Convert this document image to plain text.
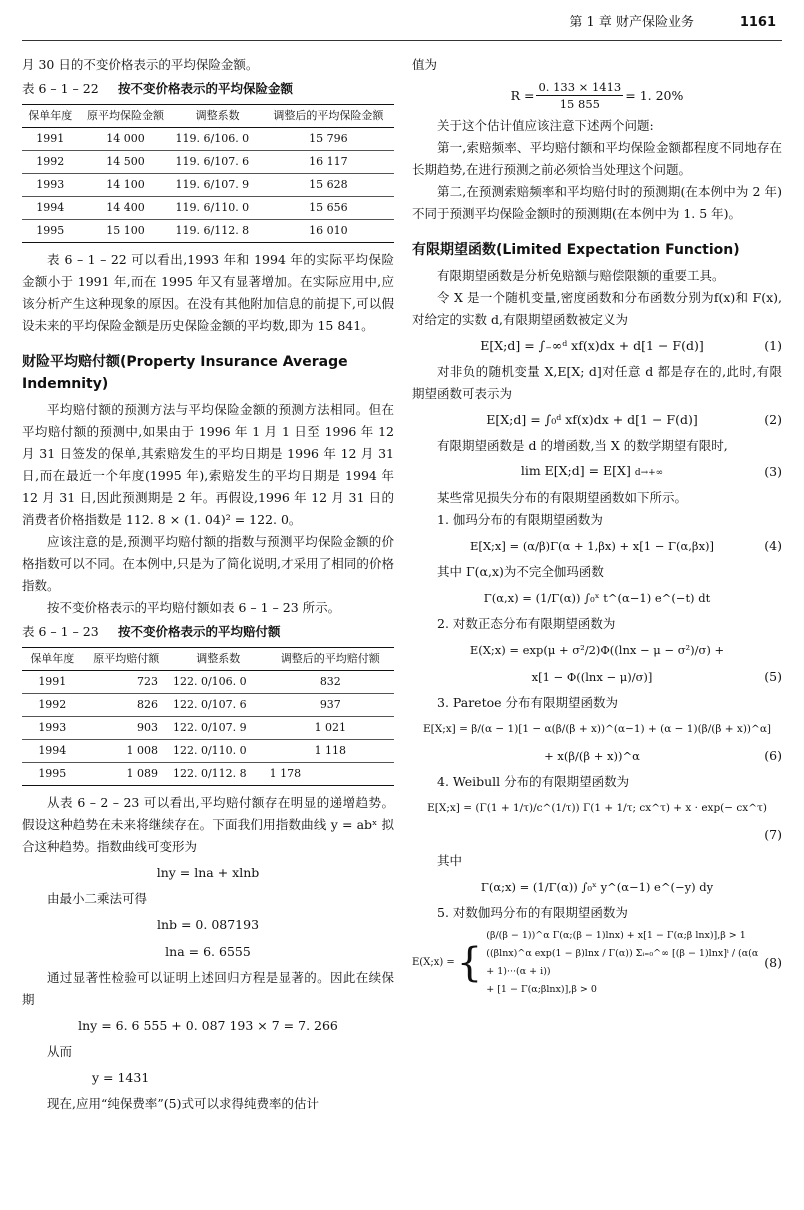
第 1 章 财产保险业务	1161

月 30 日的不变价格表示的平均保险金额。

表 6 – 1 – 22	按不变价格表示的平均保险金额
保单年度	原平均保险金额	调整系数	调整后的平均保险金额
1991	14 000	119. 6/106. 0	15 796
1992	14 500	119. 6/107. 6	16 117
1993	14 100	119. 6/107. 9	15 628
1994	14 400	119. 6/110. 0	15 656
1995	15 100	119. 6/112. 8	16 010

表 6 – 1 – 22 可以看出,1993 年和 1994 年的实际平均保险金额小于 1991 年,而在 1995 年又有显著增加。在实际应用中,应该分析产生这种现象的原因。在没有其他附加信息的前提下,可以假设未来的平均保险金额是历史保险金额的平均数,即为 15 841。

财险平均赔付额(Property Insurance Average Indemnity)

平均赔付额的预测方法与平均保险金额的预测方法相同。但在平均赔付额的预测中,如果由于 1996 年 1 月 1 日至 1996 年 12 月 31 日签发的保单,其索赔发生的平均日期是 1996 年 12 月 31 日,而在最近一个年度(1995 年),索赔发生的平均日期是 1994 年 12 月 31 日,因此预测期是 2 年。再假设,1996 年 12 月 31 日的消费者价格指数是 112. 8 × (1. 04)² = 122. 0。

应该注意的是,预测平均赔付额的指数与预测平均保险金额的价格指数可以不同。在本例中,只是为了简化说明,才采用了相同的价格指数。

按不变价格表示的平均赔付额如表 6 – 1 – 23 所示。

表 6 – 1 – 23	按不变价格表示的平均赔付额
保单年度	原平均赔付额	调整系数	调整后的平均赔付额
1991	723	122. 0/106. 0	832
1992	826	122. 0/107. 6	937
1993	903	122. 0/107. 9	1 021
1994	1 008	122. 0/110. 0	1 118
1995	1 089	122. 0/112. 8	1 178

从表 6 – 2 – 23 可以看出,平均赔付额存在明显的递增趋势。假设这种趋势在未来将继续存在。下面我们用指数曲线 y = abˣ 拟合这种趋势。指数曲线可变形为

lny = lna + xlnb

由最小二乘法可得

lnb = 0. 087193
lna = 6. 6555

通过显著性检验可以证明上述回归方程是显著的。因此在续保期

lny = 6. 6 555 + 0. 087 193 × 7 = 7. 266

从而

y = 1431

现在,应用“纯保费率”(5)式可以求得纯费率的估计

值为

$R = \frac{0. 133 \times 1413}{15 855} = 1$. 20%

关于这个估计值应该注意下述两个问题:

第一,索赔频率、平均赔付额和平均保险金额都程度不同地存在长期趋势,在进行预测之前必须恰当处理这个问题。

第二,在预测索赔频率和平均赔付时的预测期(在本例中为 2 年)不同于预测平均保险金额时的预测期(在本例中为 1. 5 年)。

有限期望函数(Limited Expectation Function)

有限期望函数是分析免赔额与赔偿限额的重要工具。

令 X 是一个随机变量,密度函数和分布函数分别为f(x)和 F(x),对给定的实数 d,有限期望函数被定义为

E[X;d] = ∫₋∞ᵈ xf(x)dx + d[1 − F(d)]	(1)

对非负的随机变量 X,E[X; d]对任意 d 都是存在的,此时,有限期望函数可表示为

E[X;d] = ∫₀ᵈ xf(x)dx + d[1 − F(d)]	(2)

有限期望函数是 d 的增函数,当 X 的数学期望有限时,

lim E[X;d] = E[X] d→+∞	(3)

某些常见损失分布的有限期望函数如下所示。

1. 伽玛分布的有限期望函数为

E[X;x] = (α/β)Γ(α + 1,βx) + x[1 − Γ(α,βx)]	(4)

其中 Γ(α,x)为不完全伽玛函数

Γ(α,x) = (1/Γ(α)) ∫₀ˣ t^(α−1) e^(−t) dt

2. 对数正态分布有限期望函数为

E(X;x) = exp(μ + σ²/2)Φ((lnx − μ − σ²)/σ) +
x[1 − Φ((lnx − μ)/σ)]	(5)

3. Paretoe 分布有限期望函数为

E[X;x] = β/(α − 1)[1 − α(β/(β + x))^(α−1) + (α − 1)(β/(β + x))^α]
+ x(β/(β + x))^α	(6)

4. Weibull 分布的有限期望函数为

E[X;x] = (Γ(1 + 1/τ)/c^(1/τ)) Γ(1 + 1/τ; cx^τ) + x · exp(− cx^τ)
(7)

其中

Γ(α;x) = (1/Γ(α)) ∫₀ˣ y^(α−1) e^(−y) dy

5. 对数伽玛分布的有限期望函数为

E(X;x) = {
(β/(β − 1))^α Γ(α;(β − 1)lnx) + x[1 − Γ(α;β lnx)],β > 1
((βlnx)^α exp(1 − β)lnx / Γ(α)) Σᵢ₌₀^∞ [(β − 1)lnx]ⁱ / (α(α + 1)···(α + i))
+ [1 − Γ(α;βlnx)],β > 0
(8)
